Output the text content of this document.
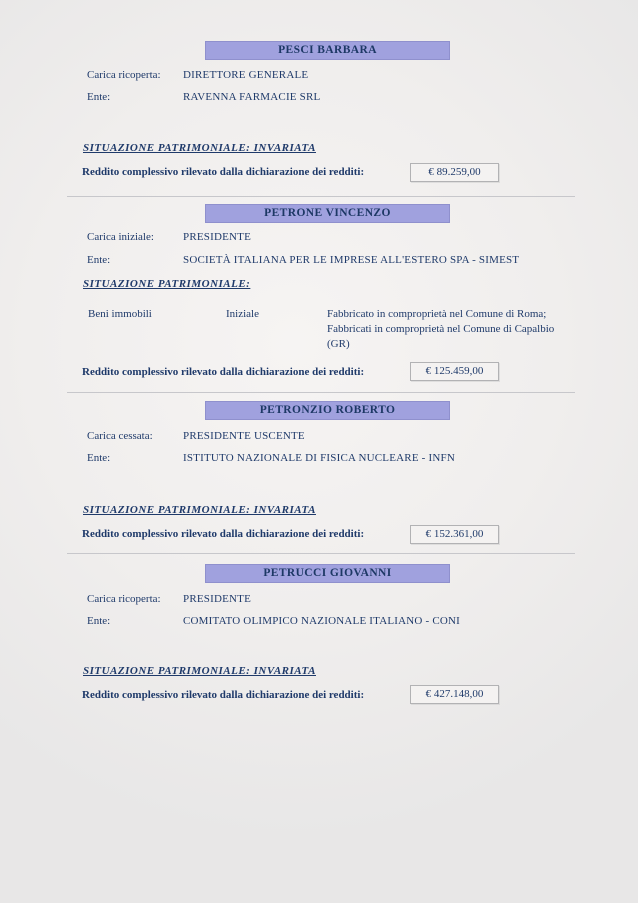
PESCI BARBARA
Carica ricoperta: DIRETTORE GENERALE
Ente:	RAVENNA FARMACIE SRL
SITUAZIONE PATRIMONIALE: INVARIATA
Reddito complessivo rilevato dalla dichiarazione dei redditi:	€ 89.259,00
PETRONE VINCENZO
Carica iniziale:	PRESIDENTE
Ente:	SOCIETÀ ITALIANA PER LE IMPRESE ALL'ESTERO SPA - SIMEST
SITUAZIONE PATRIMONIALE:
Beni immobili	Iniziale	Fabbricato in comproprietà nel Comune di Roma; Fabbricati in comproprietà nel Comune di Capalbio (GR)
Reddito complessivo rilevato dalla dichiarazione dei redditi:	€ 125.459,00
PETRONZIO ROBERTO
Carica cessata:	PRESIDENTE USCENTE
Ente:	ISTITUTO NAZIONALE DI FISICA NUCLEARE - INFN
SITUAZIONE PATRIMONIALE: INVARIATA
Reddito complessivo rilevato dalla dichiarazione dei redditi:	€ 152.361,00
PETRUCCI GIOVANNI
Carica ricoperta: PRESIDENTE
Ente:	COMITATO OLIMPICO NAZIONALE ITALIANO - CONI
SITUAZIONE PATRIMONIALE: INVARIATA
Reddito complessivo rilevato dalla dichiarazione dei redditi:	€ 427.148,00
